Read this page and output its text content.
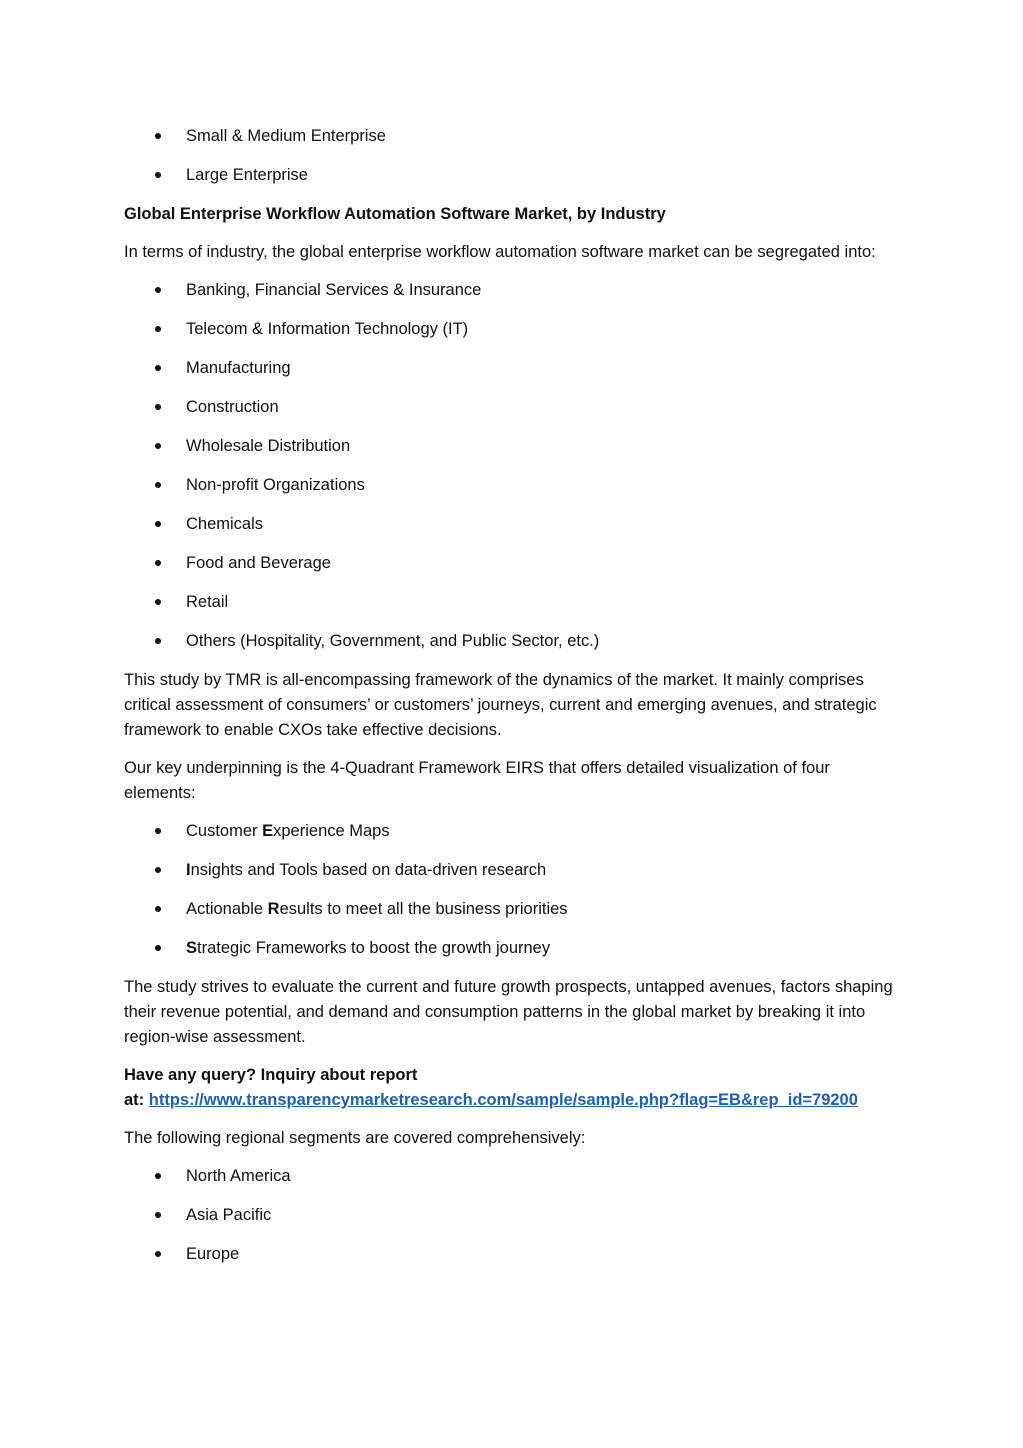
Small & Medium Enterprise
Large Enterprise

Global Enterprise Workflow Automation Software Market, by Industry

In terms of industry, the global enterprise workflow automation software market can be segregated into:

Banking, Financial Services & Insurance
Telecom & Information Technology (IT)
Manufacturing
Construction
Wholesale Distribution
Non-profit Organizations
Chemicals
Food and Beverage
Retail
Others (Hospitality, Government, and Public Sector, etc.)

This study by TMR is all-encompassing framework of the dynamics of the market. It mainly comprises critical assessment of consumers’ or customers’ journeys, current and emerging avenues, and strategic framework to enable CXOs take effective decisions.

Our key underpinning is the 4-Quadrant Framework EIRS that offers detailed visualization of four elements:

Customer Experience Maps
Insights and Tools based on data-driven research
Actionable Results to meet all the business priorities
Strategic Frameworks to boost the growth journey

The study strives to evaluate the current and future growth prospects, untapped avenues, factors shaping their revenue potential, and demand and consumption patterns in the global market by breaking it into region-wise assessment.

Have any query? Inquiry about report
at: https://www.transparencymarketresearch.com/sample/sample.php?flag=EB&rep_id=79200

The following regional segments are covered comprehensively:

North America
Asia Pacific
Europe
